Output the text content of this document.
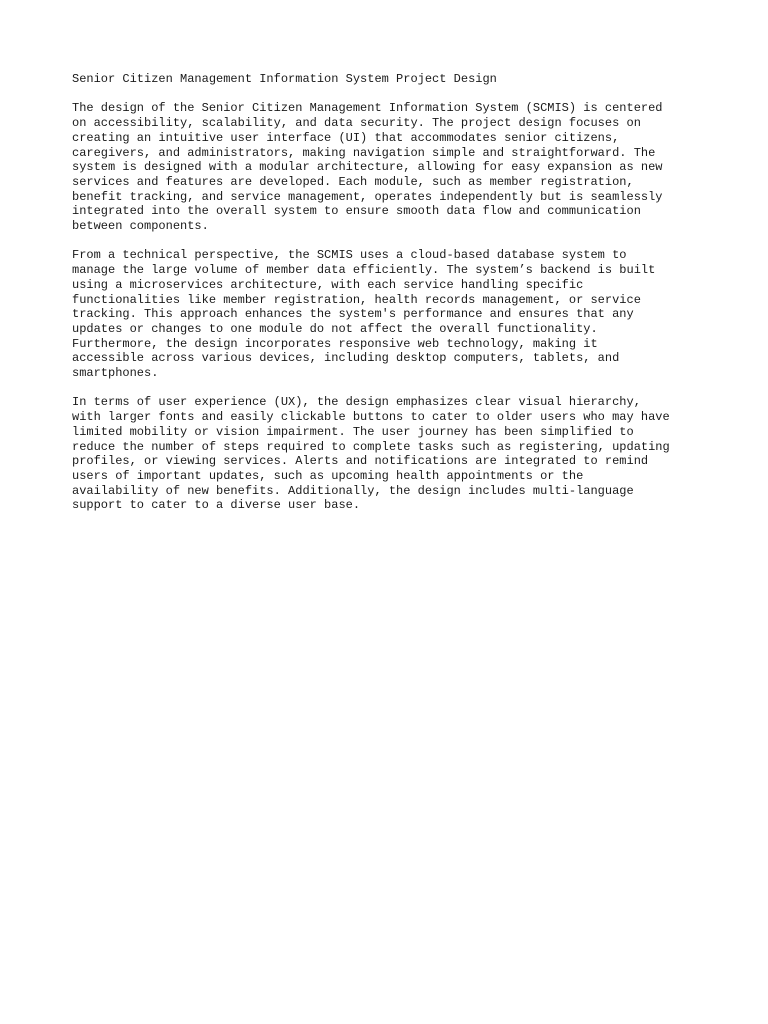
Senior Citizen Management Information System Project Design

The design of the Senior Citizen Management Information System (SCMIS) is centered
on accessibility, scalability, and data security. The project design focuses on
creating an intuitive user interface (UI) that accommodates senior citizens,
caregivers, and administrators, making navigation simple and straightforward. The
system is designed with a modular architecture, allowing for easy expansion as new
services and features are developed. Each module, such as member registration,
benefit tracking, and service management, operates independently but is seamlessly
integrated into the overall system to ensure smooth data flow and communication
between components.

From a technical perspective, the SCMIS uses a cloud-based database system to
manage the large volume of member data efficiently. The system’s backend is built
using a microservices architecture, with each service handling specific
functionalities like member registration, health records management, or service
tracking. This approach enhances the system's performance and ensures that any
updates or changes to one module do not affect the overall functionality.
Furthermore, the design incorporates responsive web technology, making it
accessible across various devices, including desktop computers, tablets, and
smartphones.

In terms of user experience (UX), the design emphasizes clear visual hierarchy,
with larger fonts and easily clickable buttons to cater to older users who may have
limited mobility or vision impairment. The user journey has been simplified to
reduce the number of steps required to complete tasks such as registering, updating
profiles, or viewing services. Alerts and notifications are integrated to remind
users of important updates, such as upcoming health appointments or the
availability of new benefits. Additionally, the design includes multi-language
support to cater to a diverse user base.
